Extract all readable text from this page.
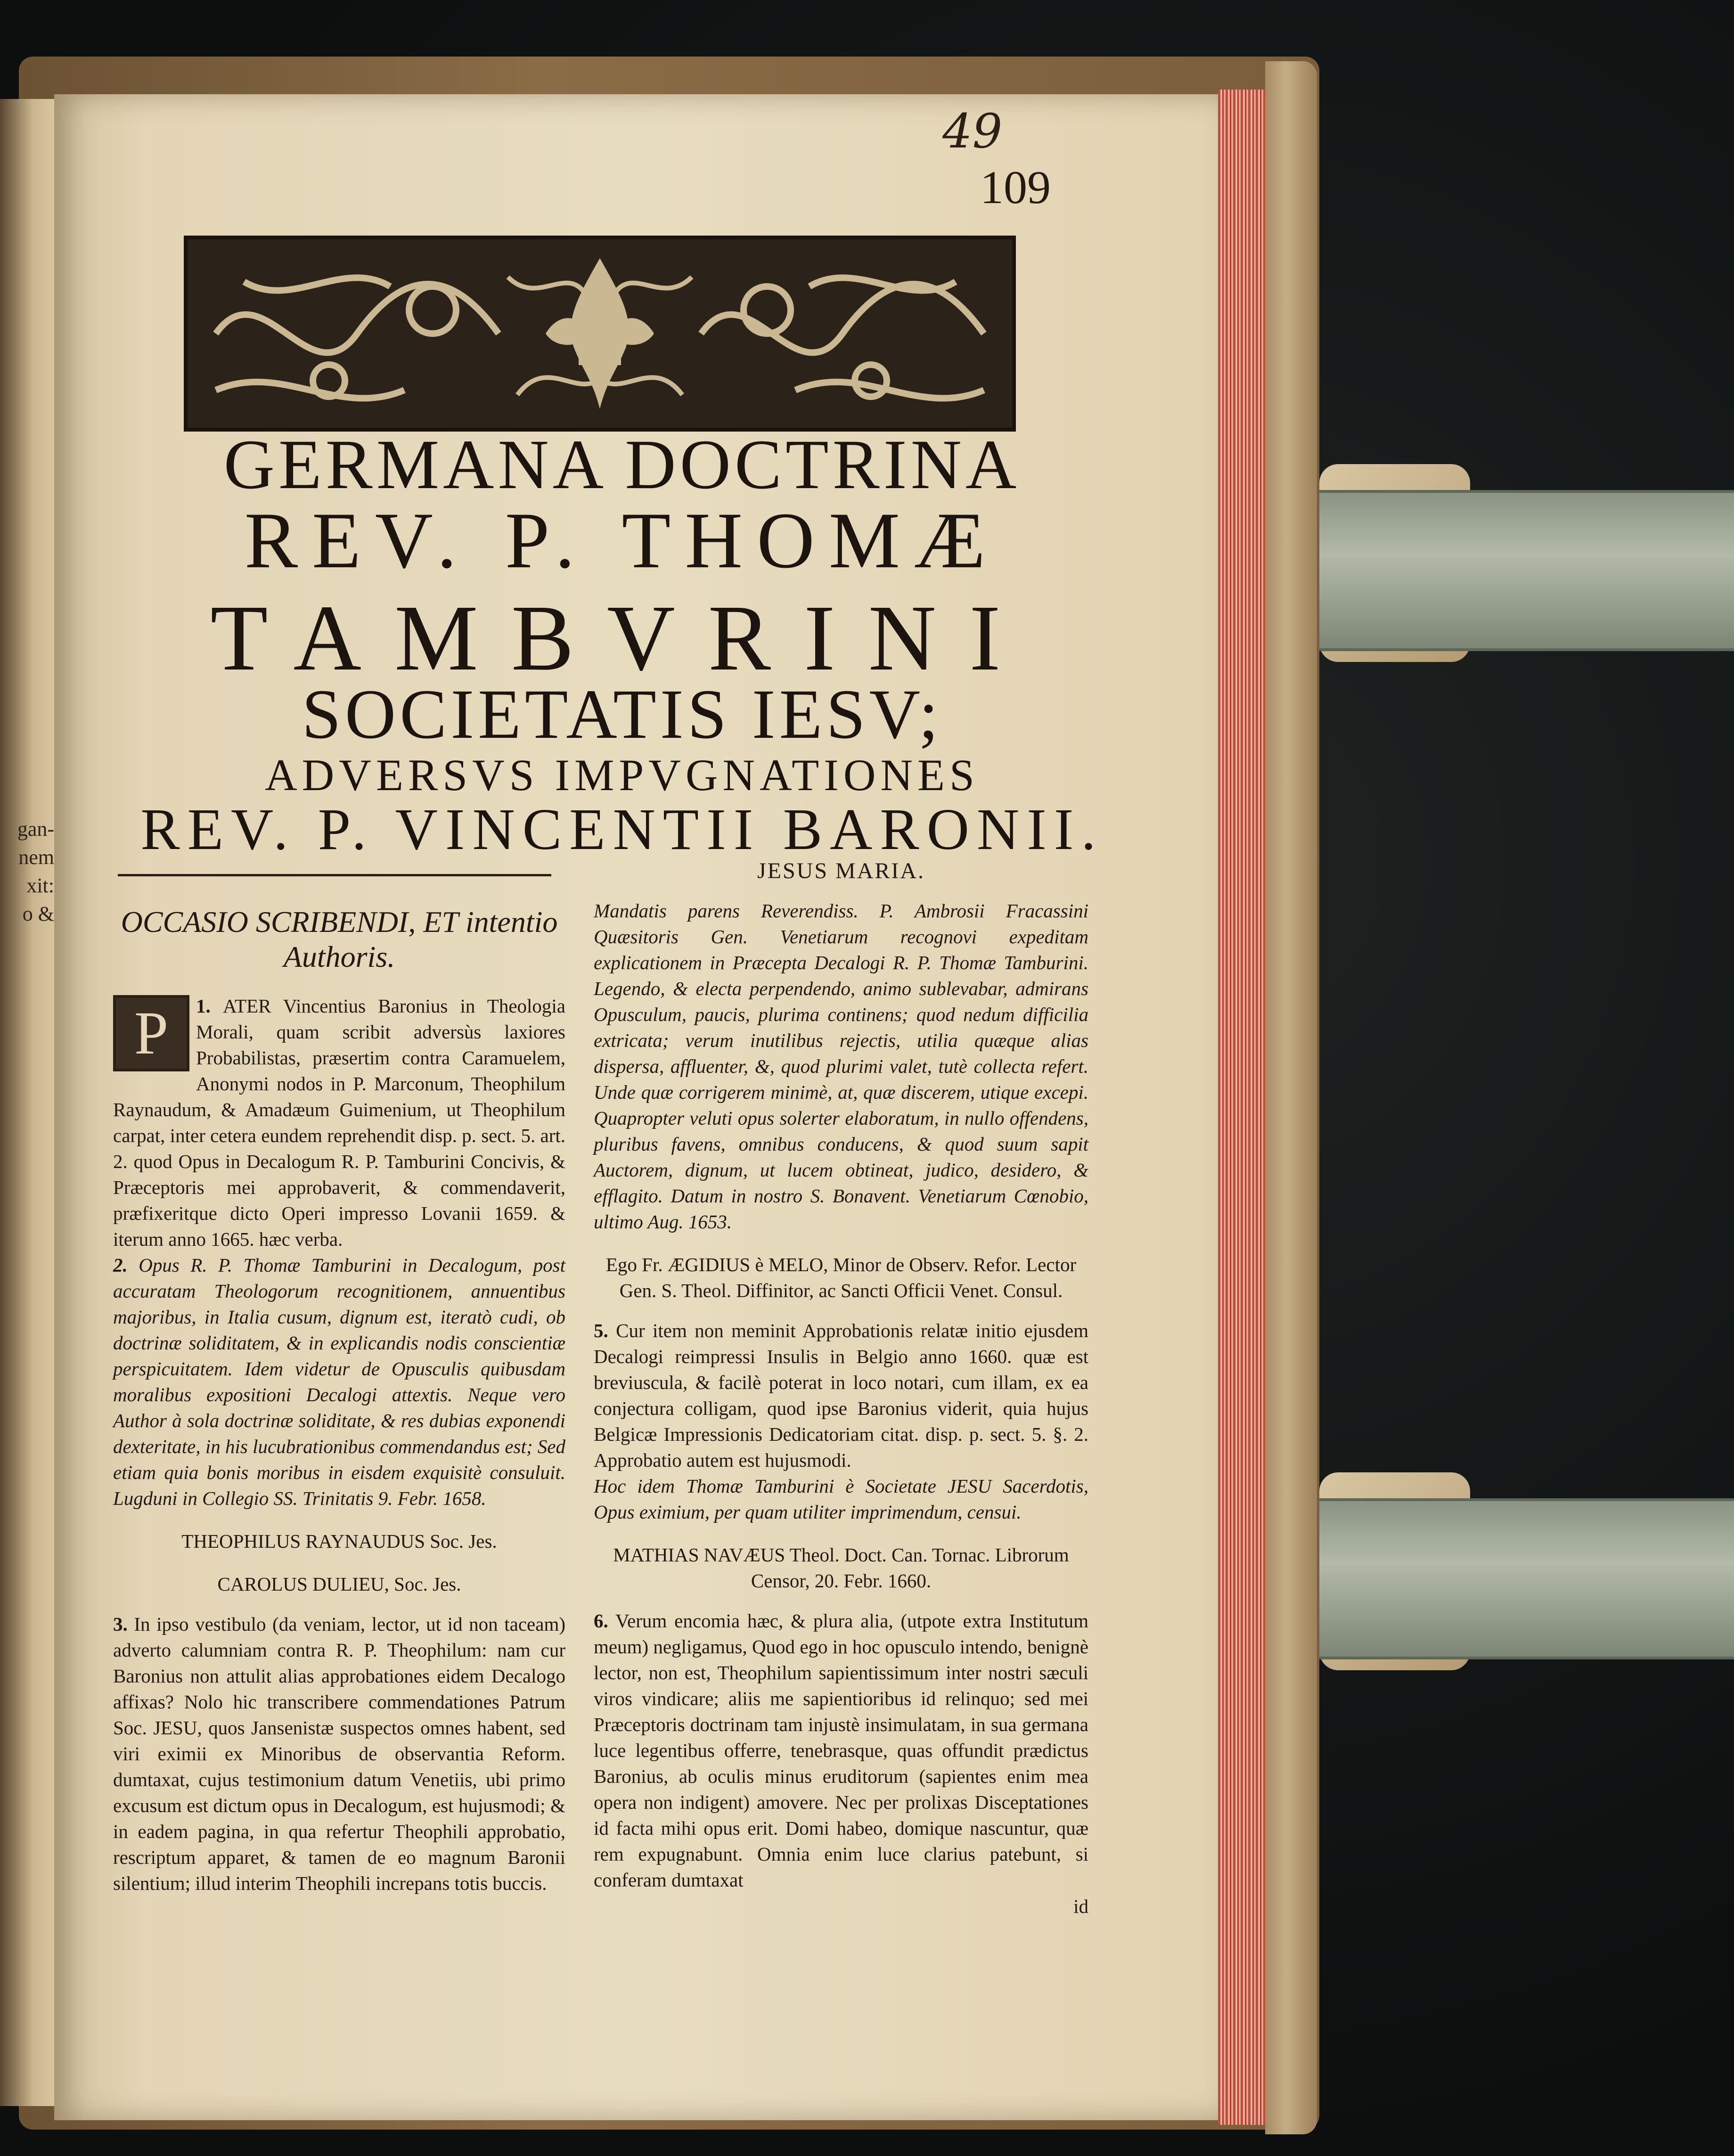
gan-
nem
xit:
o &
49
109
GERMANA DOCTRINA
REV. P. THOMÆ
TAMBVRINI
SOCIETATIS IESV;
ADVERSVS IMPVGNATIONES
REV. P. VINCENTII BARONII.

OCCASIO SCRIBENDI, ET intentio Authoris.

1.
P	ATER Vincentius Baronius in Theologia Morali, quam scribit adversùs laxiores Probabilistas, præsertim contra Caramuelem, Anonymi nodos in P. Marconum, Theophilum Raynaudum, & Amadæum Guimenium, ut Theophilum carpat, inter cetera eundem reprehendit disp. p. sect. 5. art. 2. quod Opus in Decalogum R. P. Tamburini Concivis, & Præceptoris mei approbaverit, & commendaverit, præfixeritque dicto Operi impresso Lovanii 1659. & iterum anno 1665. hæc verba.

2. Opus R. P. Thomæ Tamburini in Decalogum, post accuratam Theologorum recognitionem, annuentibus majoribus, in Italia cusum, dignum est, iteratò cudi, ob doctrinæ soliditatem, & in explicandis nodis conscientiæ perspicuitatem. Idem videtur de Opusculis quibusdam moralibus expositioni Decalogi attextis. Neque vero Author à sola doctrinæ soliditate, & res dubias exponendi dexteritate, in his lucubrationibus commendandus est; Sed etiam quia bonis moribus in eisdem exquisitè consuluit. Lugduni in Collegio SS. Trinitatis 9. Febr. 1658.

THEOPHILUS RAYNAUDUS Soc. Jes.

CAROLUS DULIEU, Soc. Jes.

3. In ipso vestibulo (da veniam, lector, ut id non taceam) adverto calumniam contra R. P. Theophilum: nam cur Baronius non attulit alias approbationes eidem Decalogo affixas? Nolo hic transcribere commendationes Patrum Soc. JESU, quos Jansenistæ suspectos omnes habent, sed viri eximii ex Minoribus de observantia Reform. dumtaxat, cujus testimonium datum Venetiis, ubi primo excusum est dictum opus in Decalogum, est hujusmodi; & in eadem pagina, in qua refertur Theophili approbatio, rescriptum apparet, & tamen de eo magnum Baronii silentium; illud interim Theophili increpans totis buccis.

JESUS MARIA.

Mandatis parens Reverendiss. P. Ambrosii Fracassini Quæsitoris Gen. Venetiarum recognovi expeditam explicationem in Præcepta Decalogi R. P. Thomæ Tamburini. Legendo, & electa perpendendo, animo sublevabar, admirans Opusculum, paucis, plurima continens; quod nedum difficilia extricata; verum inutilibus rejectis, utilia quæque alias dispersa, affluenter, &, quod plurimi valet, tutè collecta refert. Unde quæ corrigerem minimè, at, quæ discerem, utique excepi. Quapropter veluti opus solerter elaboratum, in nullo offendens, pluribus favens, omnibus conducens, & quod suum sapit Auctorem, dignum, ut lucem obtineat, judico, desidero, & efflagito. Datum in nostro S. Bonavent. Venetiarum Cœnobio, ultimo Aug. 1653.

Ego Fr. ÆGIDIUS è MELO, Minor de Observ. Refor. Lector Gen. S. Theol. Diffinitor, ac Sancti Officii Venet. Consul.

5. Cur item non meminit Approbationis relatæ initio ejusdem Decalogi reimpressi Insulis in Belgio anno 1660. quæ est breviuscula, & facilè poterat in loco notari, cum illam, ex ea conjectura colligam, quod ipse Baronius viderit, quia hujus Belgicæ Impressionis Dedicatoriam citat. disp. p. sect. 5. §. 2. Approbatio autem est hujusmodi.

Hoc idem Thomæ Tamburini è Societate JESU Sacerdotis, Opus eximium, per quam utiliter imprimendum, censui.

MATHIAS NAVÆUS Theol. Doct. Can. Tornac. Librorum Censor, 20. Febr. 1660.

6. Verum encomia hæc, & plura alia, (utpote extra Institutum meum) negligamus, Quod ego in hoc opusculo intendo, benignè lector, non est, Theophilum sapientissimum inter nostri sæculi viros vindicare; aliis me sapientioribus id relinquo; sed mei Præceptoris doctrinam tam injustè insimulatam, in sua germana luce legentibus offerre, tenebrasque, quas offundit prædictus Baronius, ab oculis minus eruditorum (sapientes enim mea opera non indigent) amovere. Nec per prolixas Disceptationes id facta mihi opus erit. Domi habeo, domique nascuntur, quæ rem expugnabunt. Omnia enim luce clarius patebunt, si conferam dumtaxat

id
